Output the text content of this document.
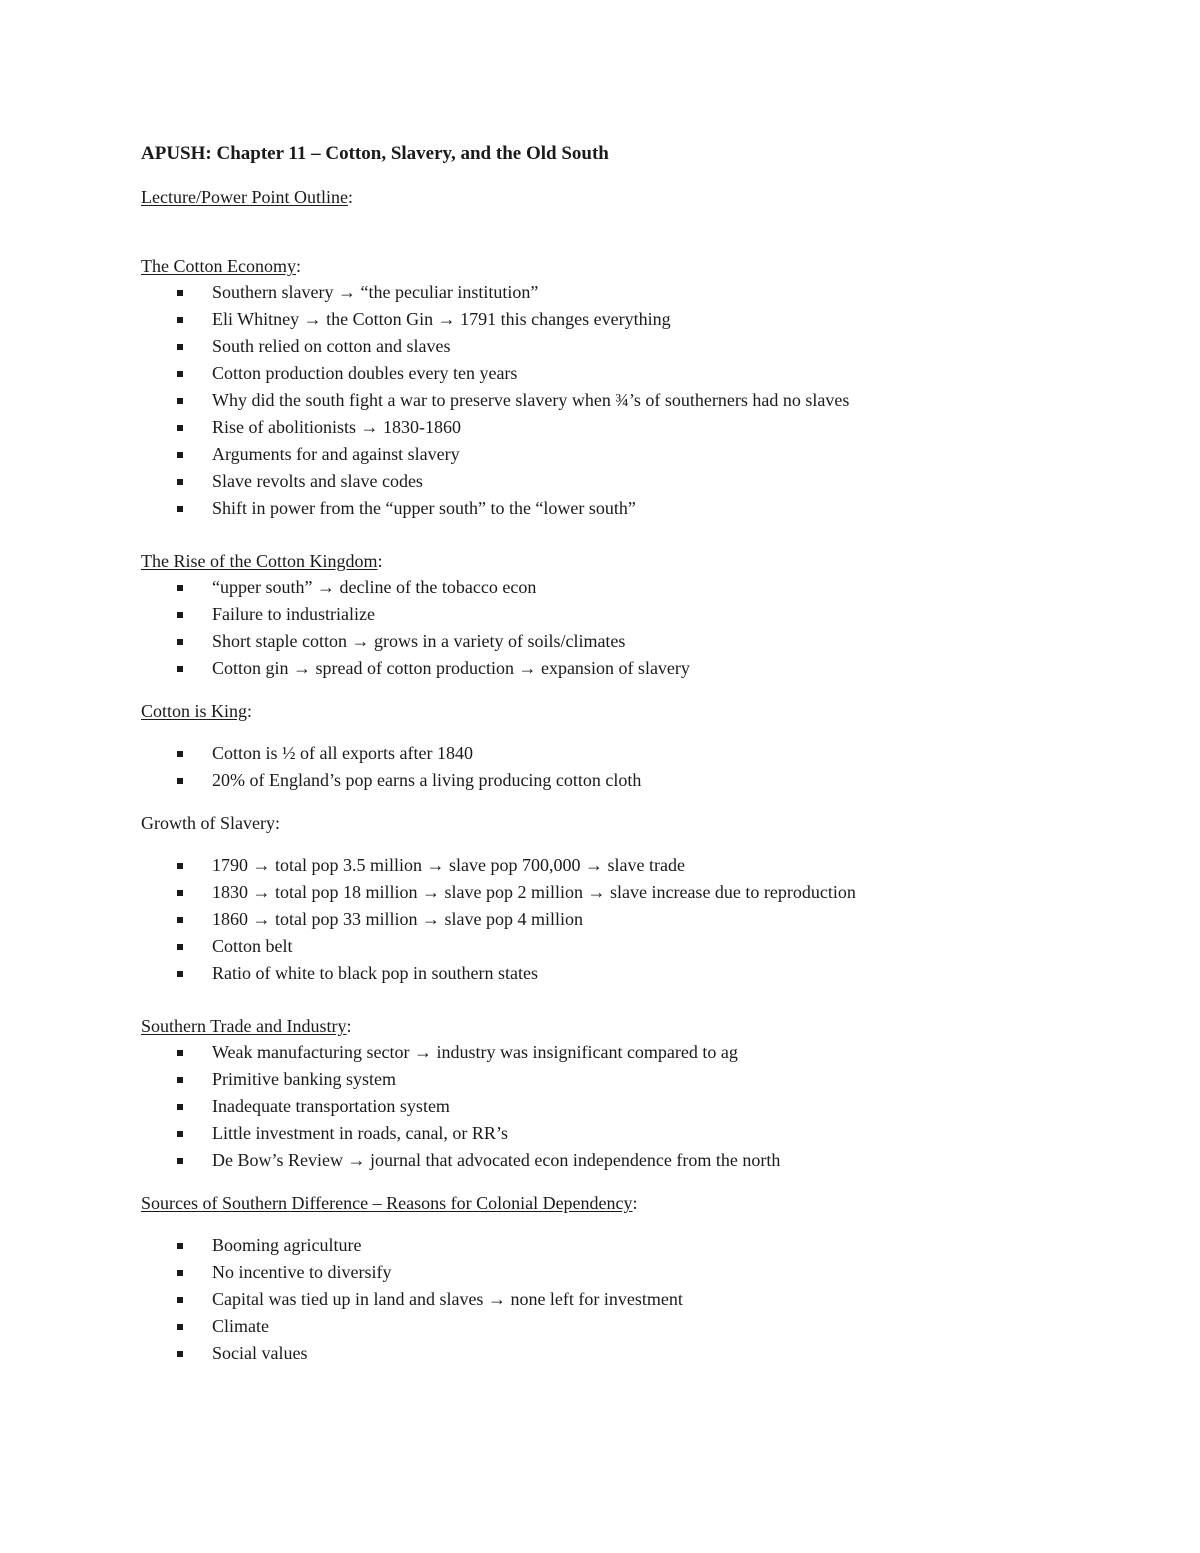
APUSH: Chapter 11 – Cotton, Slavery, and the Old South

Lecture/Power Point Outline:

The Cotton Economy:

Southern slavery → “the peculiar institution”
Eli Whitney → the Cotton Gin → 1791 this changes everything
South relied on cotton and slaves
Cotton production doubles every ten years
Why did the south fight a war to preserve slavery when ¾’s of southerners had no slaves
Rise of abolitionists → 1830-1860
Arguments for and against slavery
Slave revolts and slave codes
Shift in power from the “upper south” to the “lower south”

The Rise of the Cotton Kingdom:

“upper south” → decline of the tobacco econ
Failure to industrialize
Short staple cotton → grows in a variety of soils/climates
Cotton gin → spread of cotton production → expansion of slavery

Cotton is King:

Cotton is ½ of all exports after 1840
20% of England’s pop earns a living producing cotton cloth

Growth of Slavery:

1790 → total pop 3.5 million → slave pop 700,000 → slave trade
1830 → total pop 18 million → slave pop 2 million → slave increase due to reproduction
1860 → total pop 33 million → slave pop 4 million
Cotton belt
Ratio of white to black pop in southern states

Southern Trade and Industry:

Weak manufacturing sector → industry was insignificant compared to ag
Primitive banking system
Inadequate transportation system
Little investment in roads, canal, or RR’s
De Bow’s Review → journal that advocated econ independence from the north

Sources of Southern Difference – Reasons for Colonial Dependency:

Booming agriculture
No incentive to diversify
Capital was tied up in land and slaves → none left for investment
Climate
Social values
